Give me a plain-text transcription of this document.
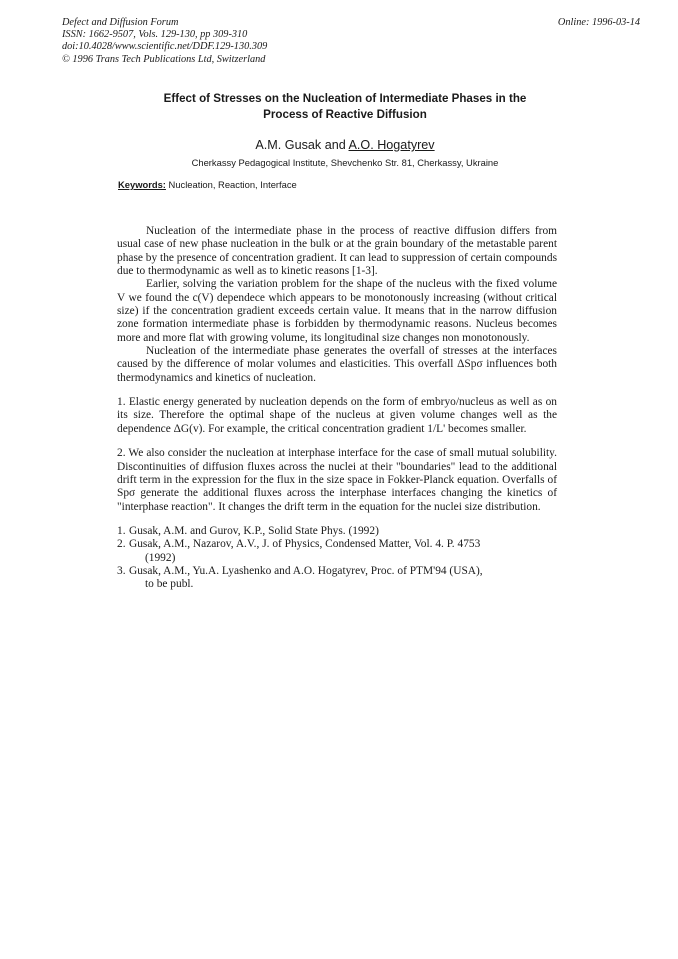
Defect and Diffusion Forum
ISSN: 1662-9507, Vols. 129-130, pp 309-310
doi:10.4028/www.scientific.net/DDF.129-130.309
© 1996 Trans Tech Publications Ltd, Switzerland
Online: 1996-03-14
Effect of Stresses on the Nucleation of Intermediate Phases in the
Process of Reactive Diffusion
A.M. Gusak and A.O. Hogatyrev
Cherkassy Pedagogical Institute, Shevchenko Str. 81, Cherkassy, Ukraine
Keywords: Nucleation, Reaction, Interface

Nucleation of the intermediate phase in the process of reactive diffusion differs from usual case of new phase nucleation in the bulk or at the grain boundary of the metastable parent phase by the presence of concentration gradient. It can lead to suppression of certain compounds due to thermodynamic as well as to kinetic reasons [1-3].

Earlier, solving the variation problem for the shape of the nucleus with the fixed volume V we found the c(V) dependece which appears to be monotonously increasing (without critical size) if the concentration gradient exceeds certain value. It means that in the narrow diffusion zone formation intermediate phase is forbidden by thermodynamic reasons. Nucleus becomes more and more flat with growing volume, its longitudinal size changes non monotonously.

Nucleation of the intermediate phase generates the overfall of stresses at the interfaces caused by the difference of molar volumes and elasticities. This overfall ΔSpσ influences both thermodynamics and kinetics of nucleation.

1. Elastic energy generated by nucleation depends on the form of embryo/nucleus as well as on its size. Therefore the optimal shape of the nucleus at given volume changes well as the dependence ΔG(v). For example, the critical concentration gradient 1/L' becomes smaller.

2. We also consider the nucleation at interphase interface for the case of small mutual solubility. Discontinuities of diffusion fluxes across the nuclei at their "boundaries" lead to the additional drift term in the expression for the flux in the size space in Fokker-Planck equation. Overfalls of Spσ generate the additional fluxes across the interphase interfaces changing the kinetics of "interphase reaction". It changes the drift term in the equation for the nuclei size distribution.

1. Gusak, A.M. and Gurov, K.P., Solid State Phys. (1992)
2. Gusak, A.M., Nazarov, A.V., J. of Physics, Condensed Matter, Vol. 4. P. 4753
(1992)
3. Gusak, A.M., Yu.A. Lyashenko and A.O. Hogatyrev, Proc. of PTM'94 (USA),
to be publ.
